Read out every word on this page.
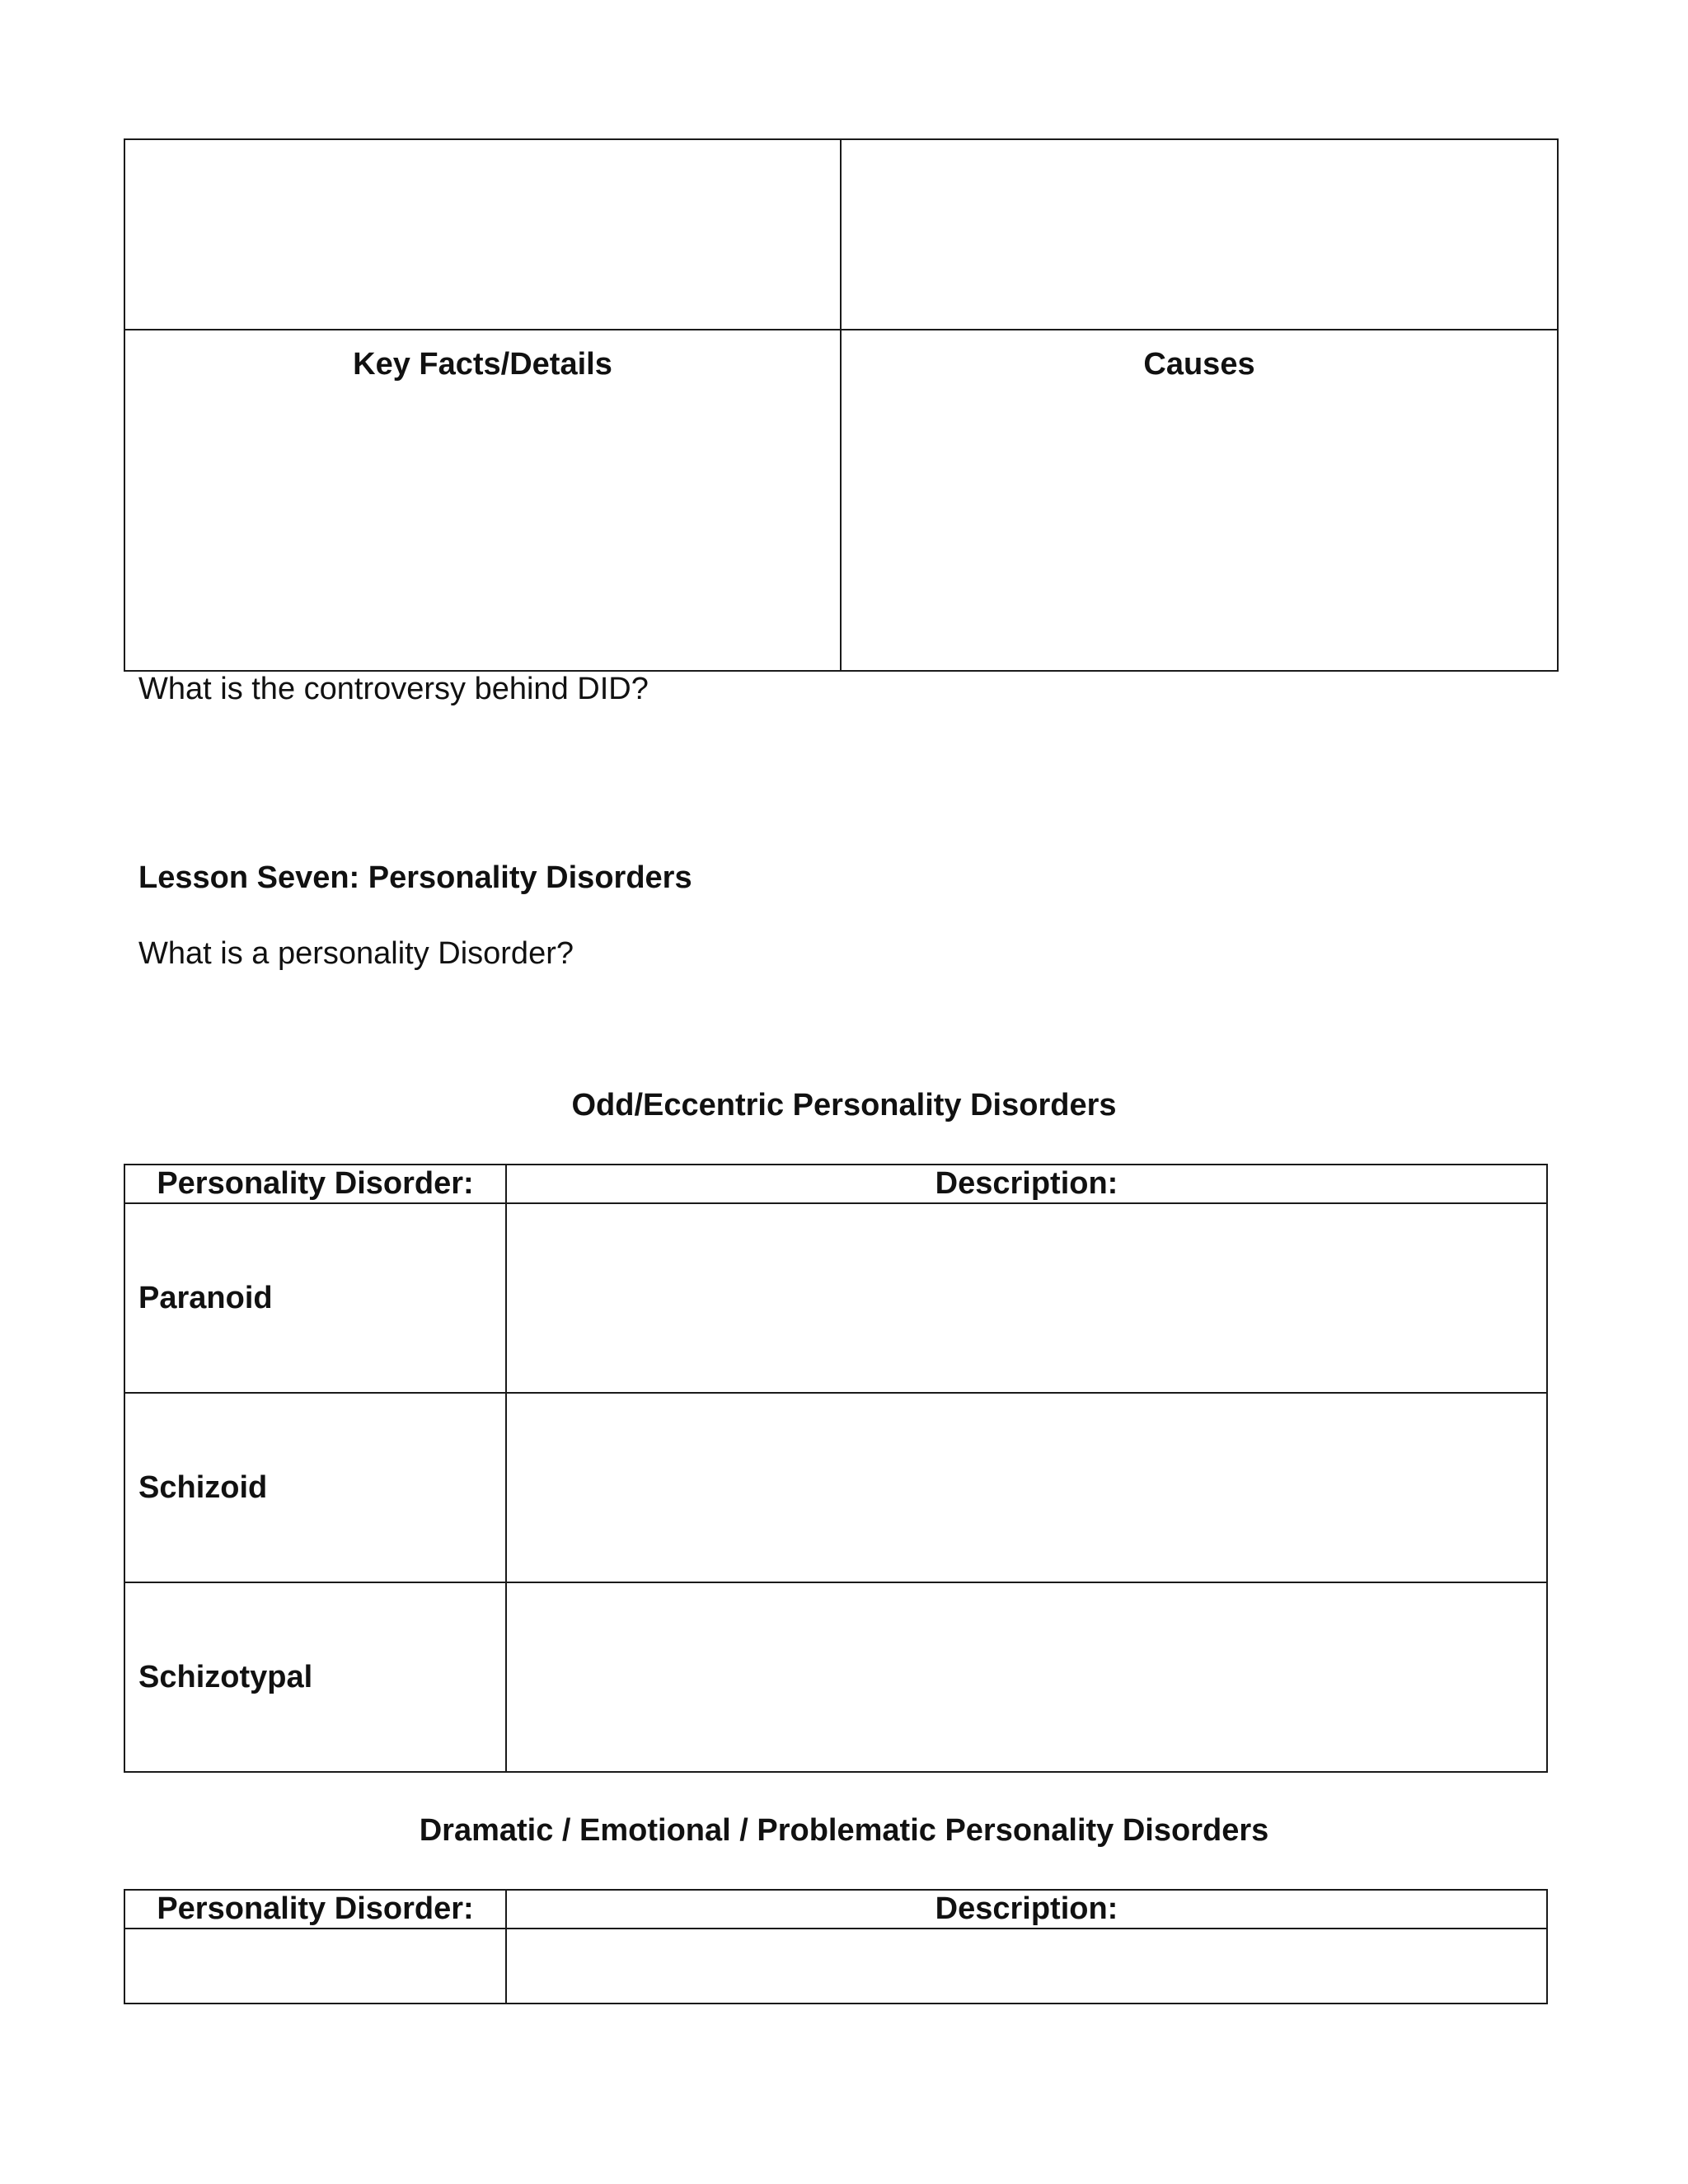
Key Facts/Details	Causes
What is the controversy behind DID?
Lesson Seven: Personality Disorders
What is a personality Disorder?
Odd/Eccentric Personality Disorders
Personality Disorder:	Description:
Paranoid	
Schizoid	
Schizotypal	
Dramatic / Emotional / Problematic Personality Disorders
Personality Disorder:	Description:
